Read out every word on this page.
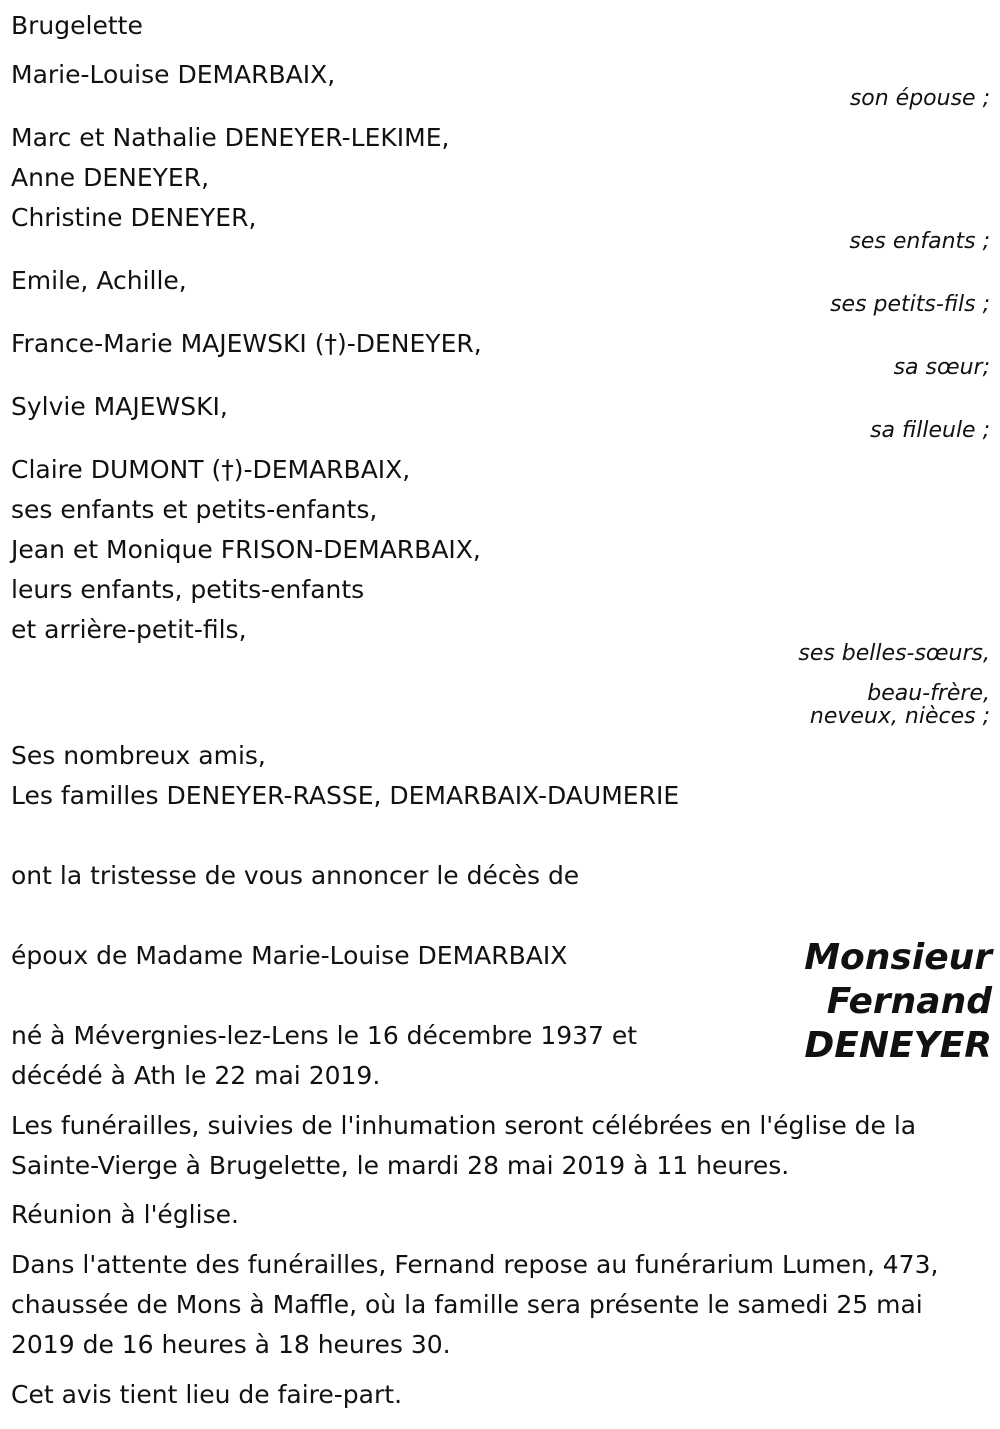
Brugelette
Marie-Louise DEMARBAIX,
son épouse ;
Marc et Nathalie DENEYER-LEKIME,
Anne DENEYER,
Christine DENEYER,
ses enfants ;
Emile, Achille,
ses petits-fils ;
France-Marie MAJEWSKI (†)-DENEYER,
sa sœur;
Sylvie MAJEWSKI,
sa filleule ;
Claire DUMONT (†)-DEMARBAIX,
ses enfants et petits-enfants,
Jean et Monique FRISON-DEMARBAIX,
leurs enfants, petits-enfants
et arrière-petit-fils,
ses belles-sœurs,
beau-frère,
neveux, nièces ;
Ses nombreux amis,
Les familles DENEYER-RASSE, DEMARBAIX-DAUMERIE
ont la tristesse de vous annoncer le décès de
époux de Madame Marie-Louise DEMARBAIX	Monsieur
Fernand
DENEYER
né à Mévergnies-lez-Lens le 16 décembre 1937 et
décédé à Ath le 22 mai 2019.
Les funérailles, suivies de l'inhumation seront célébrées en l'église de la Sainte-Vierge à Brugelette, le mardi 28 mai 2019 à 11 heures.
Réunion à l'église.
Dans l'attente des funérailles, Fernand repose au funérarium Lumen, 473, chaussée de Mons à Maffle, où la famille sera présente le samedi 25 mai 2019 de 16 heures à 18 heures 30.
Cet avis tient lieu de faire-part.
